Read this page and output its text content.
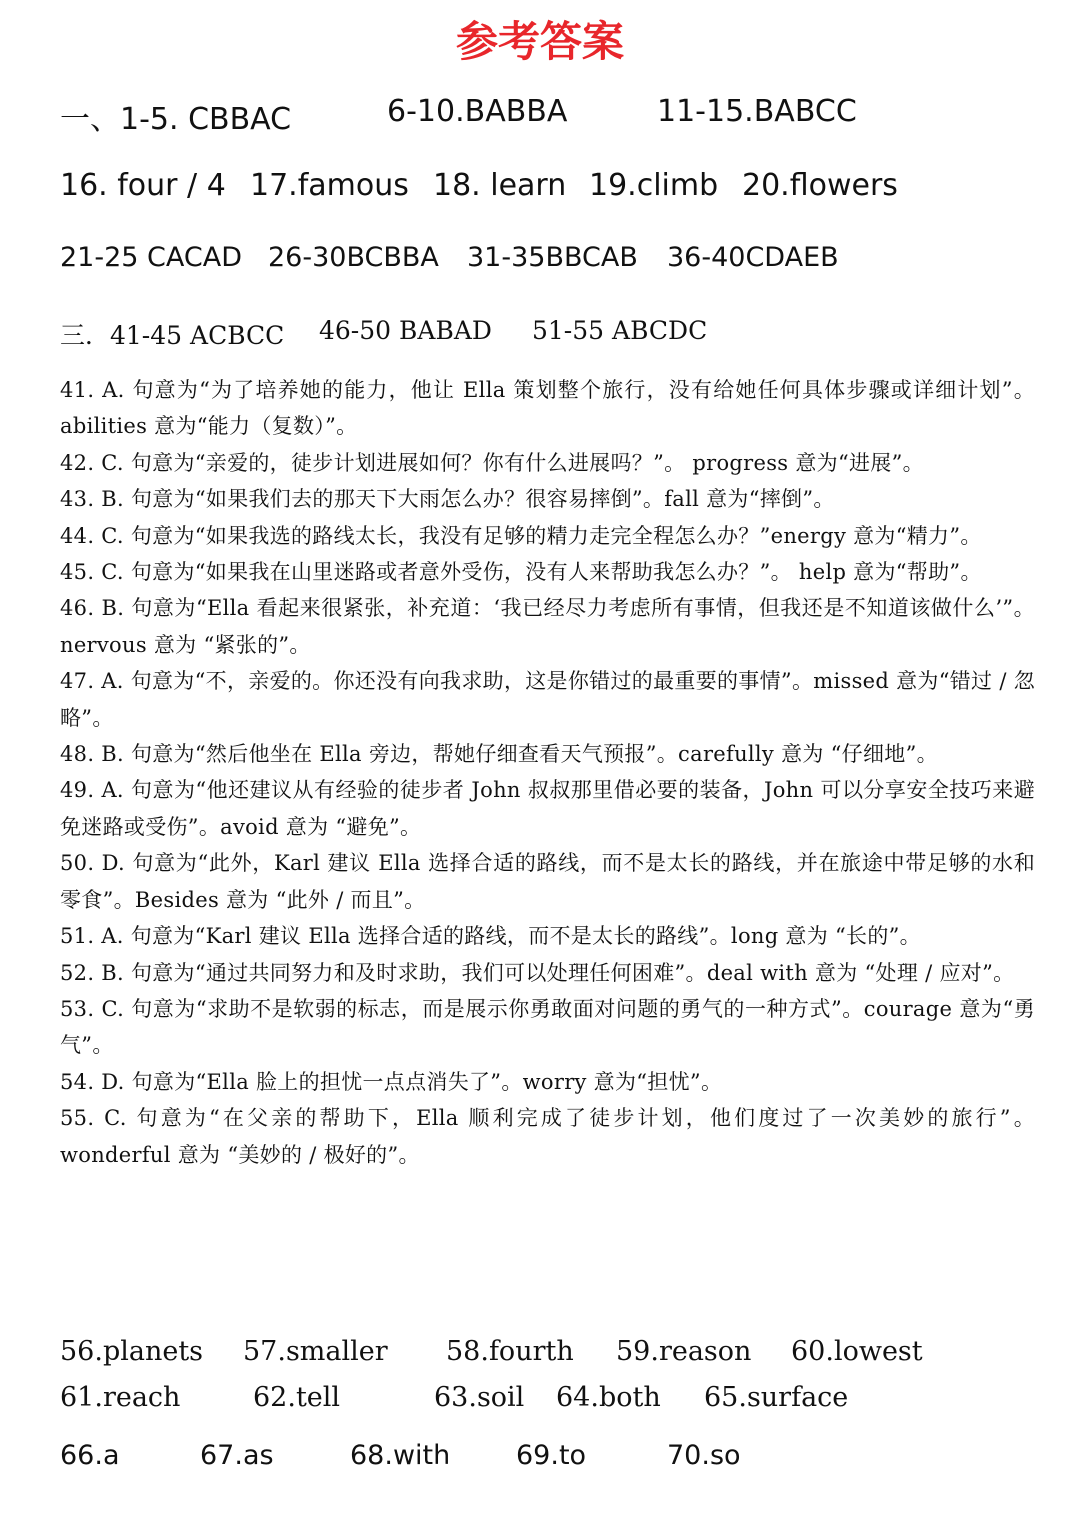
参考答案
一、1-5. CBBAC	6-10.BABBA	11-15.BABCC
16. four / 4 17.famous 18. learn 19.climb 20.flowers
21-25 CACAD 26-30BCBBA 31-35BBCAB 36-40CDAEB
三．41-45 ACBCC 46-50 BABAD 51-55 ABCDC

41. A. 句意为“为了培养她的能力，他让 Ella 策划整个旅行，没有给她任何具体步骤或详细计划”。 abilities 意为“能力（复数）”。

42. C. 句意为“亲爱的，徒步计划进展如何？你有什么进展吗？”。 progress 意为“进展”。

43. B. 句意为“如果我们去的那天下大雨怎么办？很容易摔倒”。fall 意为“摔倒”。

44. C. 句意为“如果我选的路线太长，我没有足够的精力走完全程怎么办？”energy 意为“精力”。

45. C. 句意为“如果我在山里迷路或者意外受伤，没有人来帮助我怎么办？”。 help 意为“帮助”。

46. B. 句意为“Ella 看起来很紧张，补充道：‘我已经尽力考虑所有事情，但我还是不知道该做什么’”。nervous 意为 “紧张的”。

47. A. 句意为“不，亲爱的。你还没有向我求助，这是你错过的最重要的事情”。missed 意为“错过 / 忽略”。

48. B. 句意为“然后他坐在 Ella 旁边，帮她仔细查看天气预报”。carefully 意为 “仔细地”。

49. A. 句意为“他还建议从有经验的徒步者 John 叔叔那里借必要的装备，John 可以分享安全技巧来避免迷路或受伤”。avoid 意为 “避免”。

50. D. 句意为“此外，Karl 建议 Ella 选择合适的路线，而不是太长的路线，并在旅途中带足够的水和零食”。Besides 意为 “此外 / 而且”。

51. A. 句意为“Karl 建议 Ella 选择合适的路线，而不是太长的路线”。long 意为 “长的”。

52. B. 句意为“通过共同努力和及时求助，我们可以处理任何困难”。deal with 意为 “处理 / 应对”。

53. C. 句意为“求助不是软弱的标志，而是展示你勇敢面对问题的勇气的一种方式”。courage 意为“勇气”。

54. D. 句意为“Ella 脸上的担忧一点点消失了”。worry 意为“担忧”。

55. C. 句意为“在父亲的帮助下，Ella 顺利完成了徒步计划，他们度过了一次美妙的旅行”。wonderful 意为 “美妙的 / 极好的”。

56.planets 57.smaller 58.fourth 59.reason 60.lowest
61.reach	62.tell	63.soil 64.both 65.surface
66.a	67.as	68.with 69.to	70.so
